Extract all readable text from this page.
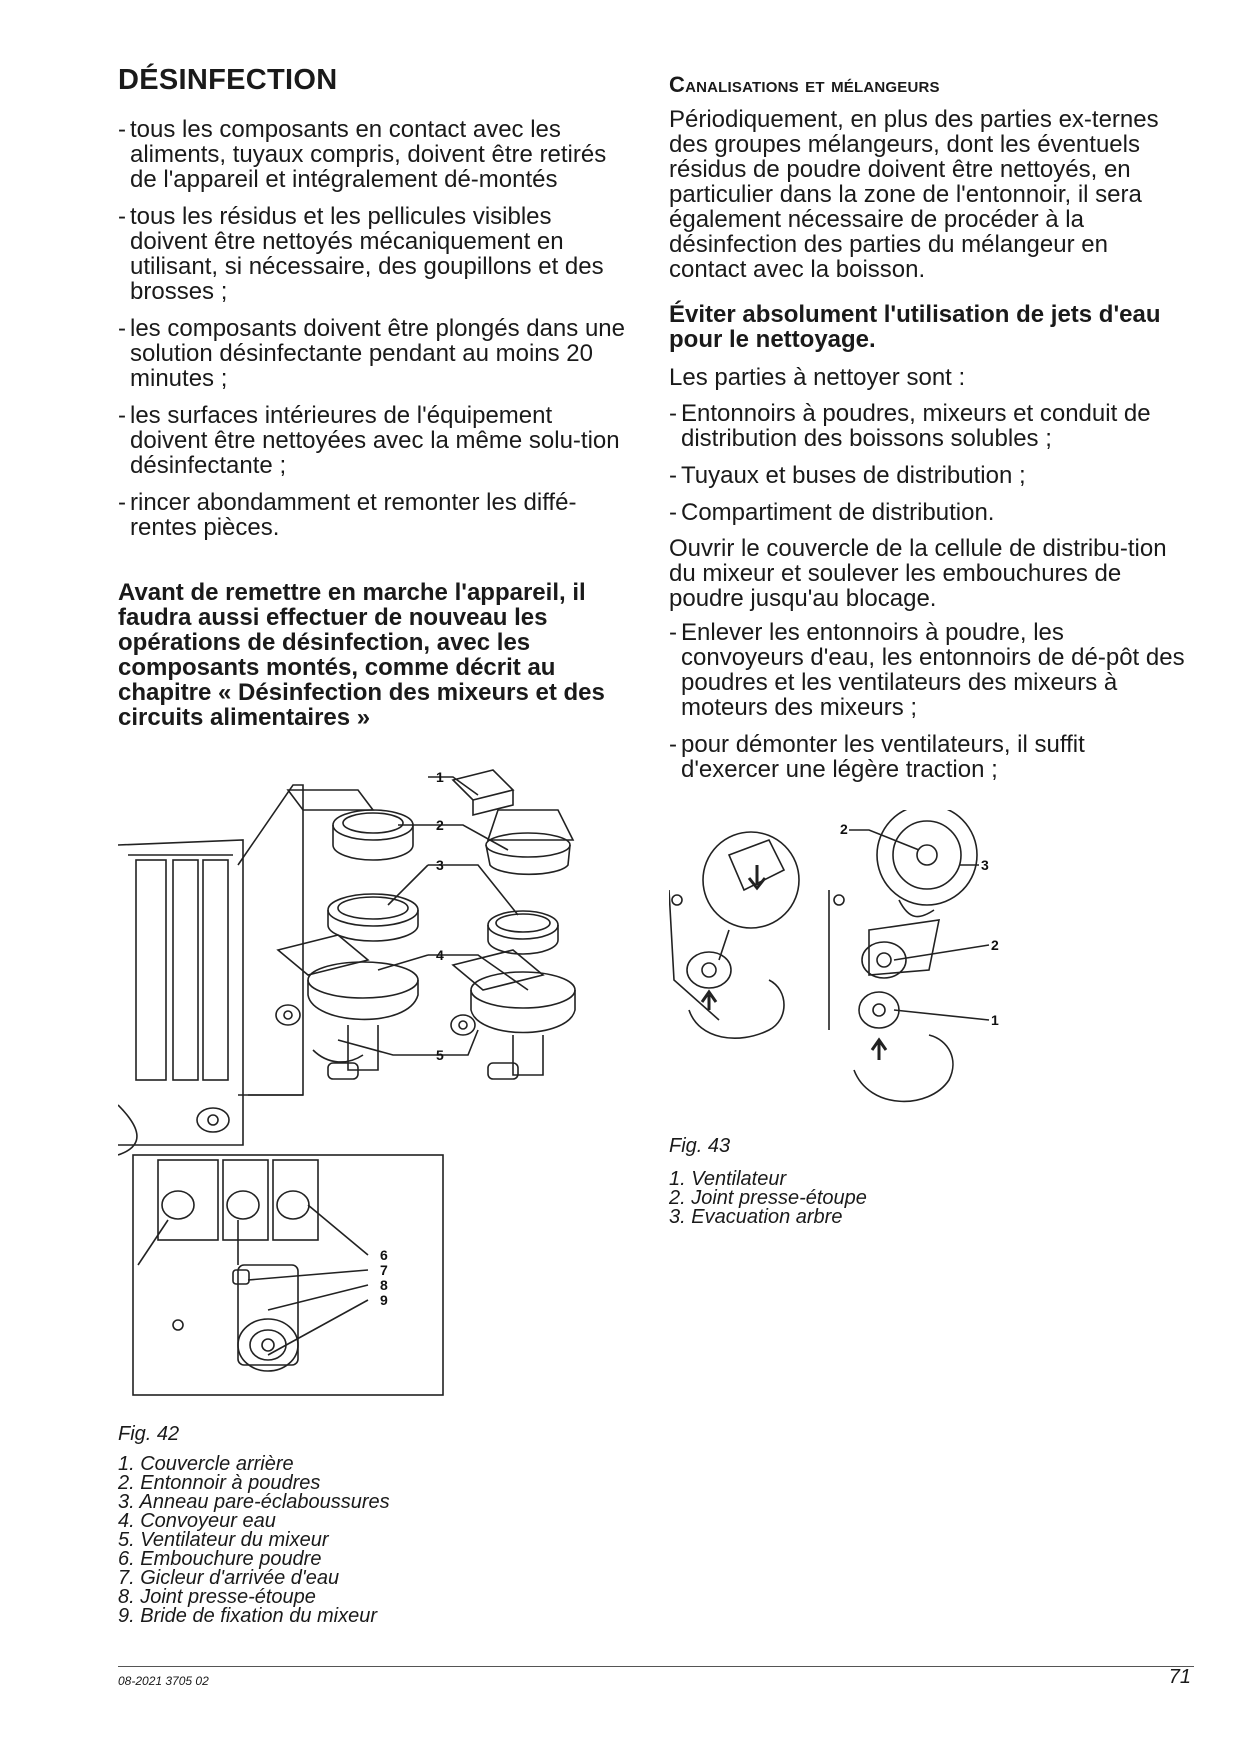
DÉSINFECTION
- tous les composants en contact avec les aliments, tuyaux compris, doivent être retirés de l'appareil et intégralement dé-montés
- tous les résidus et les pellicules visibles doivent être nettoyés mécaniquement en utilisant, si nécessaire, des goupillons et des brosses ;
- les composants doivent être plongés dans une solution désinfectante pendant au moins 20 minutes ;
- les surfaces intérieures de l'équipement doivent être nettoyées avec la même solu-tion désinfectante ;
- rincer abondamment et remonter les diffé-rentes pièces.

Avant de remettre en marche l'appareil, il faudra aussi effectuer de nouveau les opérations de désinfection, avec les composants montés, comme décrit au chapitre « Désinfection des mixeurs et des circuits alimentaires »

1
2
3
4
5
6
7
8
9
Fig. 42
1. Couvercle arrière
2. Entonnoir à poudres
3. Anneau pare-éclaboussures
4. Convoyeur eau
5. Ventilateur du mixeur
6. Embouchure poudre
7. Gicleur d'arrivée d'eau
8. Joint presse-étoupe
9. Bride de fixation du mixeur
Canalisations et mélangeurs

Périodiquement, en plus des parties ex-ternes des groupes mélangeurs, dont les éventuels résidus de poudre doivent être nettoyés, en particulier dans la zone de l'entonnoir, il sera également nécessaire de procéder à la désinfection des parties du mélangeur en contact avec la boisson.

Éviter absolument l'utilisation de jets d'eau pour le nettoyage.

Les parties à nettoyer sont :

- Entonnoirs à poudres, mixeurs et conduit de distribution des boissons solubles ;
- Tuyaux et buses de distribution ;
- Compartiment de distribution.

Ouvrir le couvercle de la cellule de distribu-tion du mixeur et soulever les embouchures de poudre jusqu'au blocage.

- Enlever les entonnoirs à poudre, les convoyeurs d'eau, les entonnoirs de dé-pôt des poudres et les ventilateurs des mixeurs à moteurs des mixeurs ;
- pour démonter les ventilateurs, il suffit d'exercer une légère traction ;
2
3
2
1
Fig. 43
1. Ventilateur
2. Joint presse-étoupe
3. Evacuation arbre
08-2021 3705 02	71
